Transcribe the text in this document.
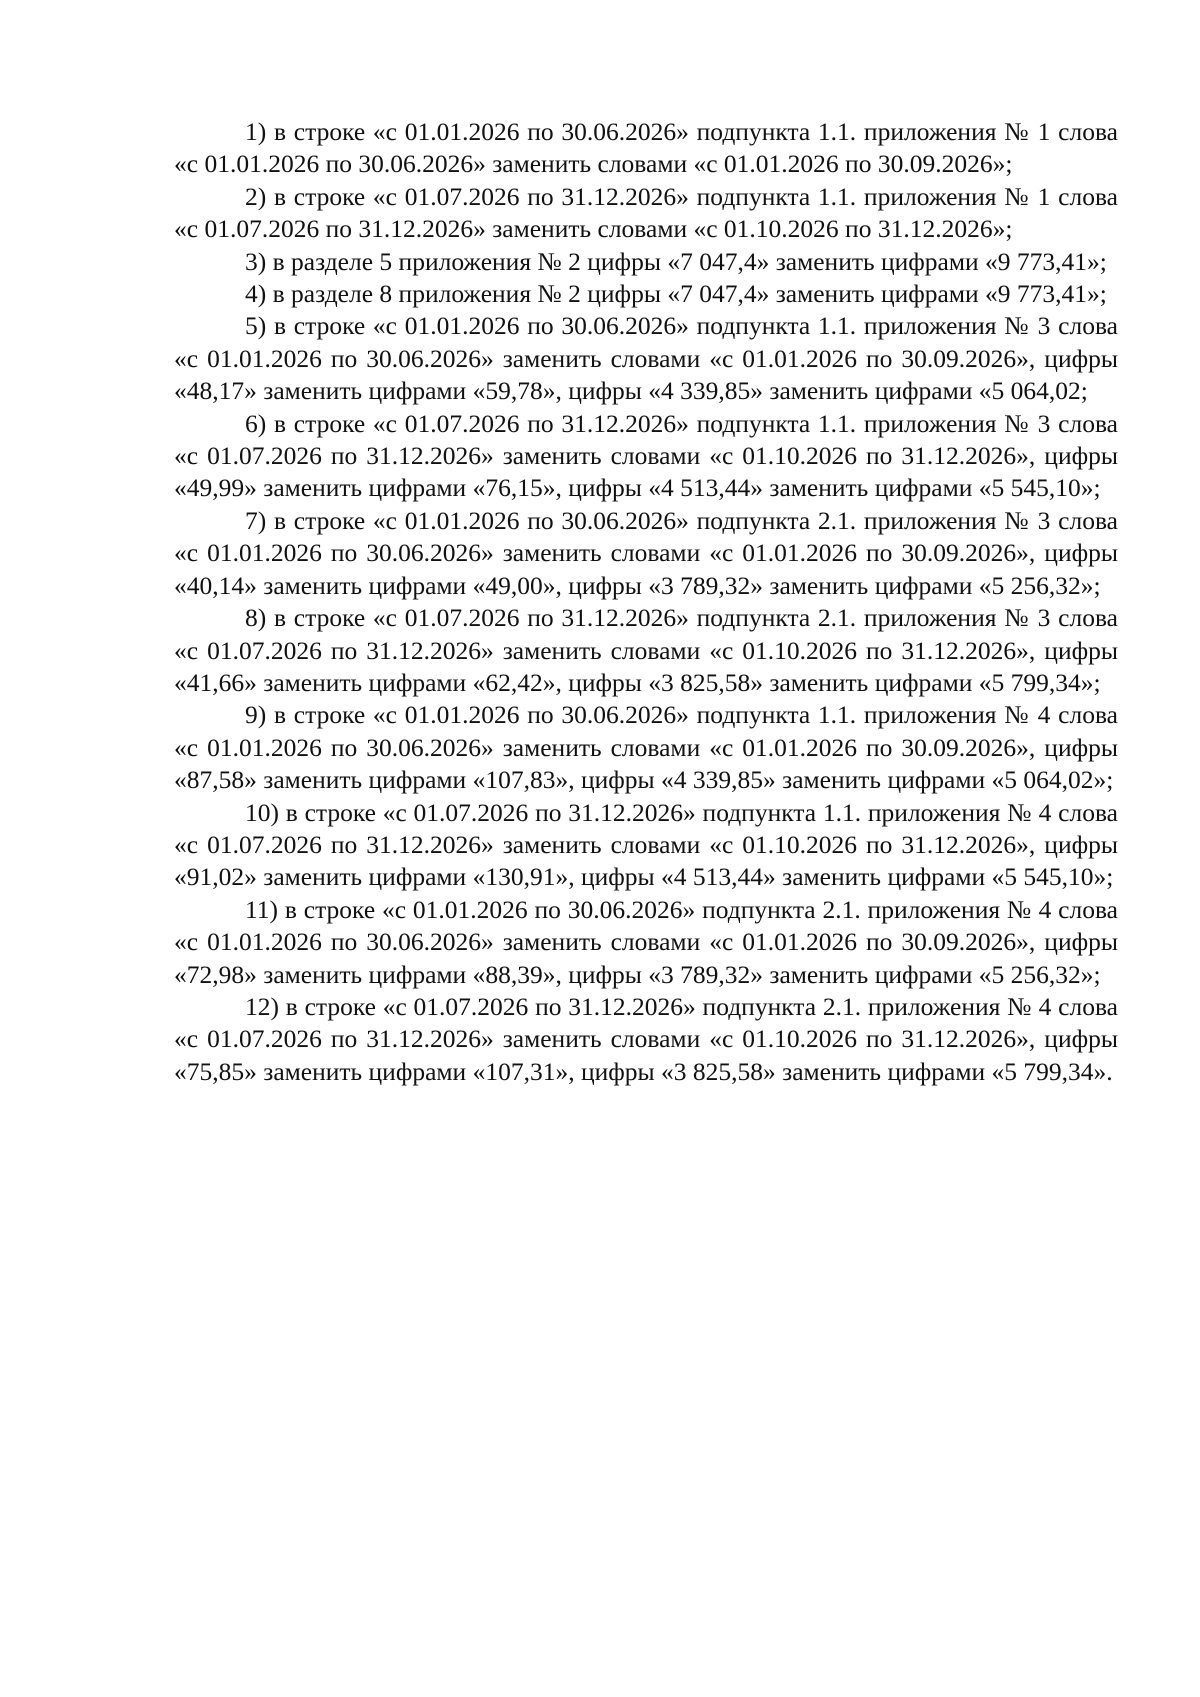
1) в строке «с 01.01.2026 по 30.06.2026» подпункта 1.1. приложения № 1 слова «с 01.01.2026 по 30.06.2026» заменить словами «с 01.01.2026 по 30.09.2026»;

2) в строке «с 01.07.2026 по 31.12.2026» подпункта 1.1. приложения № 1 слова «с 01.07.2026 по 31.12.2026» заменить словами «с 01.10.2026 по 31.12.2026»;

3) в разделе 5 приложения № 2 цифры «7 047,4» заменить цифрами «9 773,41»;

4) в разделе 8 приложения № 2 цифры «7 047,4» заменить цифрами «9 773,41»;

5) в строке «с 01.01.2026 по 30.06.2026» подпункта 1.1. приложения № 3 слова «с 01.01.2026 по 30.06.2026» заменить словами «с 01.01.2026 по 30.09.2026», цифры «48,17» заменить цифрами «59,78», цифры «4 339,85» заменить цифрами «5 064,02;

6) в строке «с 01.07.2026 по 31.12.2026» подпункта 1.1. приложения № 3 слова «с 01.07.2026 по 31.12.2026» заменить словами «с 01.10.2026 по 31.12.2026», цифры «49,99» заменить цифрами «76,15», цифры «4 513,44» заменить цифрами «5 545,10»;

7) в строке «с 01.01.2026 по 30.06.2026» подпункта 2.1. приложения № 3 слова «с 01.01.2026 по 30.06.2026» заменить словами «с 01.01.2026 по 30.09.2026», цифры «40,14» заменить цифрами «49,00», цифры «3 789,32» заменить цифрами «5 256,32»;

8) в строке «с 01.07.2026 по 31.12.2026» подпункта 2.1. приложения № 3 слова «с 01.07.2026 по 31.12.2026» заменить словами «с 01.10.2026 по 31.12.2026», цифры «41,66» заменить цифрами «62,42», цифры «3 825,58» заменить цифрами «5 799,34»;

9) в строке «с 01.01.2026 по 30.06.2026» подпункта 1.1. приложения № 4 слова «с 01.01.2026 по 30.06.2026» заменить словами «с 01.01.2026 по 30.09.2026», цифры «87,58» заменить цифрами «107,83», цифры «4 339,85» заменить цифрами «5 064,02»;

10) в строке «с 01.07.2026 по 31.12.2026» подпункта 1.1. приложения № 4 слова «с 01.07.2026 по 31.12.2026» заменить словами «с 01.10.2026 по 31.12.2026», цифры «91,02» заменить цифрами «130,91», цифры «4 513,44» заменить цифрами «5 545,10»;

11) в строке «с 01.01.2026 по 30.06.2026» подпункта 2.1. приложения № 4 слова «с 01.01.2026 по 30.06.2026» заменить словами «с 01.01.2026 по 30.09.2026», цифры «72,98» заменить цифрами «88,39», цифры «3 789,32» заменить цифрами «5 256,32»;

12) в строке «с 01.07.2026 по 31.12.2026» подпункта 2.1. приложения № 4 слова «с 01.07.2026 по 31.12.2026» заменить словами «с 01.10.2026 по 31.12.2026», цифры «75,85» заменить цифрами «107,31», цифры «3 825,58» заменить цифрами «5 799,34».
